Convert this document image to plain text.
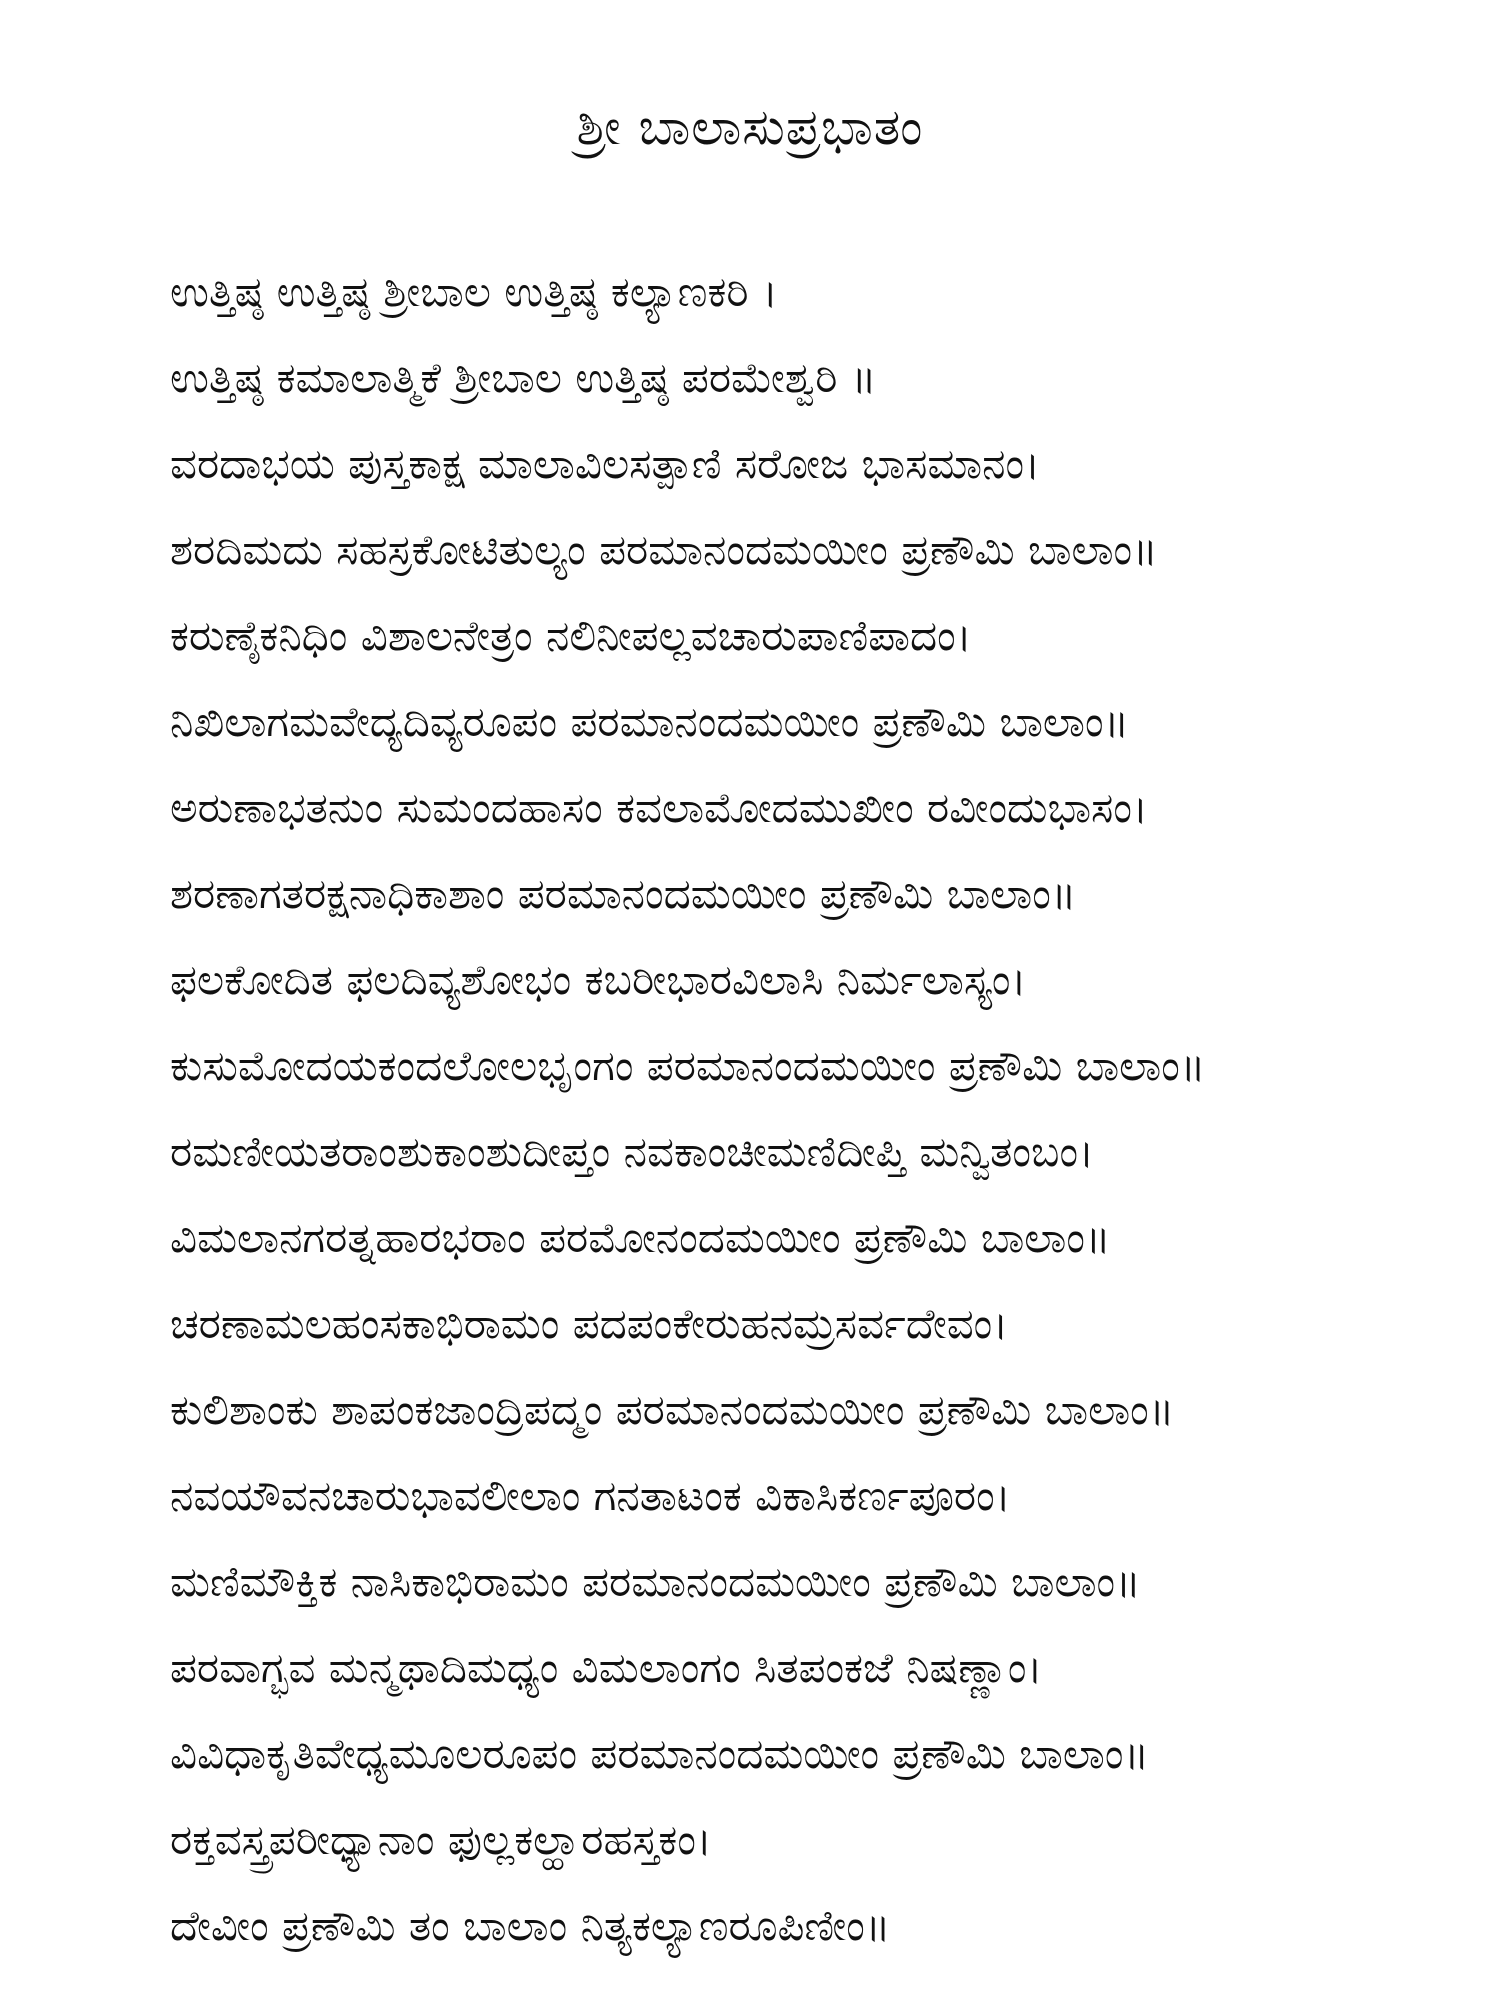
ಶ್ರೀ ಬಾಲಾಸುಪ್ರಭಾತಂ
ಉತ್ತಿಷ್ಠ ಉತ್ತಿಷ್ಠ ಶ್ರೀಬಾಲ ಉತ್ತಿಷ್ಠ ಕಲ್ಯಾಣಕರಿ ।
ಉತ್ತಿಷ್ಠ ಕಮಾಲಾತ್ಮಿಕೆ ಶ್ರೀಬಾಲ ಉತ್ತಿಷ್ಠ ಪರಮೇಶ್ವರಿ ॥
ವರದಾಭಯ ಪುಸ್ತಕಾಕ್ಷ ಮಾಲಾವಿಲಸತ್ಪಾಣಿ ಸರೋಜ ಭಾಸಮಾನಂ।
ಶರದಿಮದು ಸಹಸ್ರಕೋಟಿತುಲ್ಯಂ ಪರಮಾನಂದಮಯೀಂ ಪ್ರಣೌಮಿ ಬಾಲಾಂ॥
ಕರುಣೈಕನಿಧಿಂ ವಿಶಾಲನೇತ್ರಂ ನಲಿನೀಪಲ್ಲವಚಾರುಪಾಣಿಪಾದಂ।
ನಿಖಿಲಾಗಮವೇದ್ಯದಿವ್ಯರೂಪಂ ಪರಮಾನಂದಮಯೀಂ ಪ್ರಣೌಮಿ ಬಾಲಾಂ॥
ಅರುಣಾಭತನುಂ ಸುಮಂದಹಾಸಂ ಕವಲಾಮೋದಮುಖೀಂ ರವೀಂದುಭಾಸಂ।
ಶರಣಾಗತರಕ್ಷನಾಧಿಕಾಶಾಂ ಪರಮಾನಂದಮಯೀಂ ಪ್ರಣೌಮಿ ಬಾಲಾಂ॥
ಫಲಕೋದಿತ ಫಲದಿವ್ಯಶೋಭಂ ಕಬರೀಭಾರವಿಲಾಸಿ ನಿರ್ಮಲಾಸ್ಯಂ।
ಕುಸುಮೋದಯಕಂದಲೋಲಭೃಂಗಂ ಪರಮಾನಂದಮಯೀಂ ಪ್ರಣೌಮಿ ಬಾಲಾಂ॥
ರಮಣೀಯತರಾಂಶುಕಾಂಶುದೀಪ್ತಂ ನವಕಾಂಚೀಮಣಿದೀಪ್ತಿ ಮನ್ವಿತಂಬಂ।
ವಿಮಲಾನಗರತ್ನಹಾರಭರಾಂ ಪರಮೋನಂದಮಯೀಂ ಪ್ರಣೌಮಿ ಬಾಲಾಂ॥
ಚರಣಾಮಲಹಂಸಕಾಭಿರಾಮಂ ಪದಪಂಕೇರುಹನಮ್ರಸರ್ವದೇವಂ।
ಕುಲಿಶಾಂಕು ಶಾಪಂಕಜಾಂದ್ರಿಪದ್ಮಂ ಪರಮಾನಂದಮಯೀಂ ಪ್ರಣೌಮಿ ಬಾಲಾಂ॥
ನವಯೌವನಚಾರುಭಾವಲೀಲಾಂ ಗನತಾಟಂಕ ವಿಕಾಸಿಕರ್ಣಪೂರಂ।
ಮಣಿಮೌಕ್ತಿಕ ನಾಸಿಕಾಭಿರಾಮಂ ಪರಮಾನಂದಮಯೀಂ ಪ್ರಣೌಮಿ ಬಾಲಾಂ॥
ಪರವಾಗ್ಭವ ಮನ್ಮಥಾದಿಮಧ್ಯಂ ವಿಮಲಾಂಗಂ ಸಿತಪಂಕಜೆ ನಿಷಣ್ಣಾಂ।
ವಿವಿಧಾಕೃತಿವೇಧ್ಯಮೂಲರೂಪಂ ಪರಮಾನಂದಮಯೀಂ ಪ್ರಣೌಮಿ ಬಾಲಾಂ॥
ರಕ್ತವಸ್ತ್ರಪರೀಧ್ಯಾನಾಂ ಫುಲ್ಲಕಲ್ಹಾರಹಸ್ತಕಂ।
ದೇವೀಂ ಪ್ರಣೌಮಿ ತಂ ಬಾಲಾಂ ನಿತ್ಯಕಲ್ಯಾಣರೂಪಿಣೀಂ॥
